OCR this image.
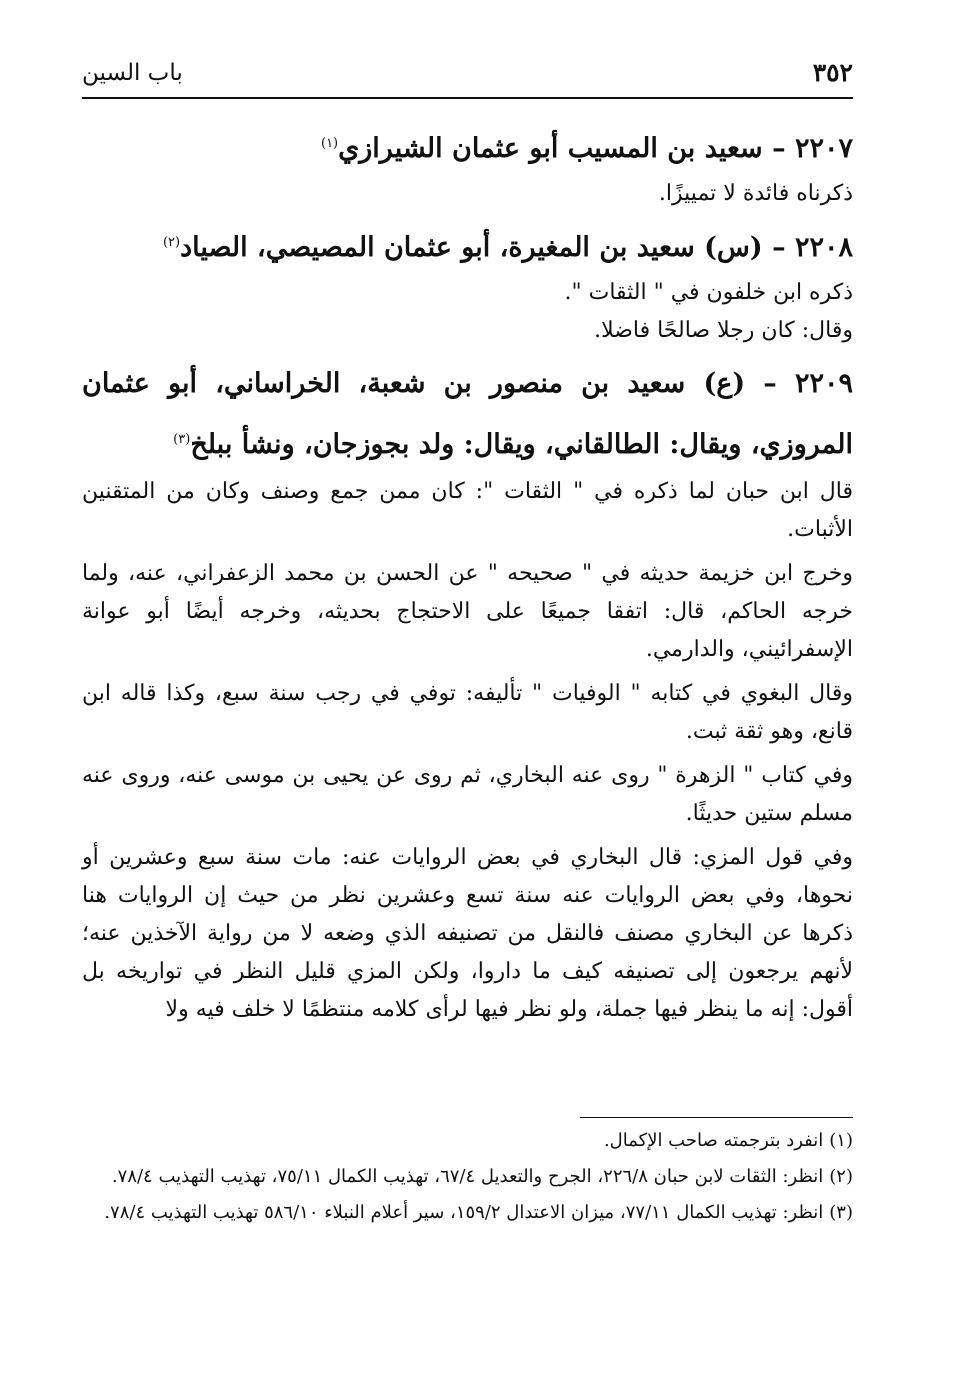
٣٥٢
باب السين
٢٢٠٧ – سعيد بن المسيب أبو عثمان الشيرازي$^{(١)}$

ذكرناه فائدة لا تمييزًا.

٢٢٠٨ – (س) سعيد بن المغيرة، أبو عثمان المصيصي، الصياد$^{(٢)}$

ذكره ابن خلفون في " الثقات ".

وقال: كان رجلا صالحًا فاضلا.

٢٢٠٩ – (ع) سعيد بن منصور بن شعبة، الخراساني، أبو عثمان المروزي، ويقال: الطالقاني، ويقال: ولد بجوزجان، ونشأ ببلخ$^{(٣)}$

قال ابن حبان لما ذكره في " الثقات ": كان ممن جمع وصنف وكان من المتقنين الأثبات.

وخرج ابن خزيمة حديثه في " صحيحه " عن الحسن بن محمد الزعفراني، عنه، ولما خرجه الحاكم، قال: اتفقا جميعًا على الاحتجاج بحديثه، وخرجه أيضًا أبو عوانة الإسفرائيني، والدارمي.

وقال البغوي في كتابه " الوفيات " تأليفه: توفي في رجب سنة سبع، وكذا قاله ابن قانع، وهو ثقة ثبت.

وفي كتاب " الزهرة " روى عنه البخاري، ثم روى عن يحيى بن موسى عنه، وروى عنه مسلم ستين حديثًا.

وفي قول المزي: قال البخاري في بعض الروايات عنه: مات سنة سبع وعشرين أو نحوها، وفي بعض الروايات عنه سنة تسع وعشرين نظر من حيث إن الروايات هنا ذكرها عن البخاري مصنف فالنقل من تصنيفه الذي وضعه لا من رواية الآخذين عنه؛ لأنهم يرجعون إلى تصنيفه كيف ما داروا، ولكن المزي قليل النظر في تواريخه بل أقول: إنه ما ينظر فيها جملة، ولو نظر فيها لرأى كلامه منتظمًا لا خلف فيه ولا

(١)انفرد بترجمته صاحب الإكمال.

(٢)انظر: الثقات لابن حبان ٢٢٦/٨، الجرح والتعديل ٦٧/٤، تهذيب الكمال ٧٥/١١، تهذيب التهذيب ٧٨/٤.

(٣)انظر: تهذيب الكمال ٧٧/١١، ميزان الاعتدال ١٥٩/٢، سير أعلام النبلاء ٥٨٦/١٠ تهذيب التهذيب ٧٨/٤.
